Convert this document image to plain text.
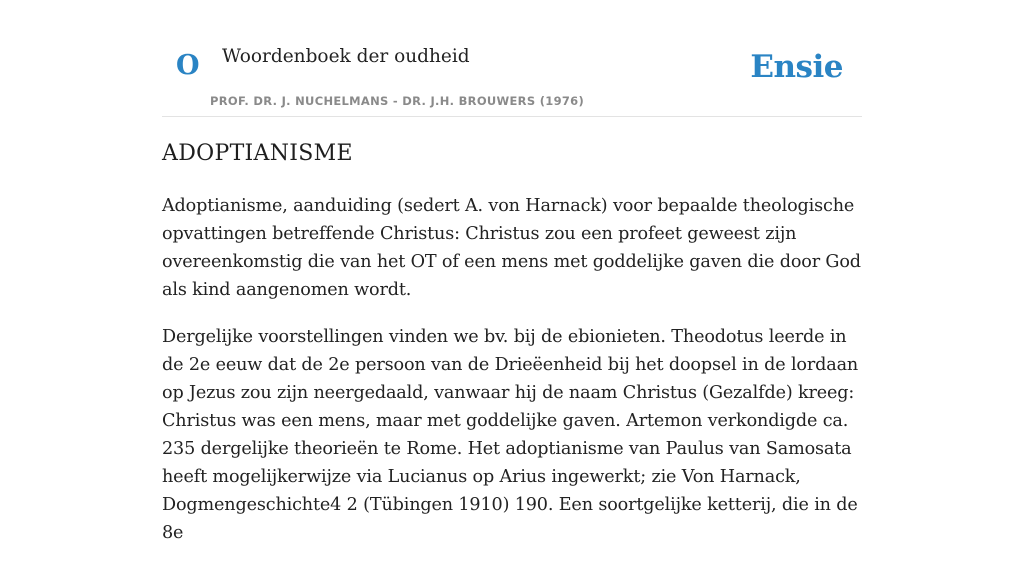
O Woordenboek der oudheid
PROF. DR. J. NUCHELMANS - DR. J.H. BROUWERS (1976)
Ensie
ADOPTIANISME

Adoptianisme, aanduiding (sedert A. von Harnack) voor bepaalde theologische opvattingen betreffende Christus: Christus zou een profeet geweest zijn overeenkomstig die van het OT of een mens met goddelijke gaven die door God als kind aangenomen wordt.

Dergelijke voorstellingen vinden we bv. bij de ebionieten. Theodotus leerde in de 2e eeuw dat de 2e persoon van de Drieëenheid bij het doopsel in de lordaan op Jezus zou zijn neergedaald, vanwaar hij de naam Christus (Gezalfde) kreeg: Christus was een mens, maar met goddelijke gaven. Artemon verkondigde ca. 235 dergelijke theorieën te Rome. Het adoptianisme van Paulus van Samosata heeft mogelijkerwijze via Lucianus op Arius ingewerkt; zie Von Harnack, Dogmengeschichte4 2 (Tübingen 1910) 190. Een soortgelijke ketterij, die in de 8e
